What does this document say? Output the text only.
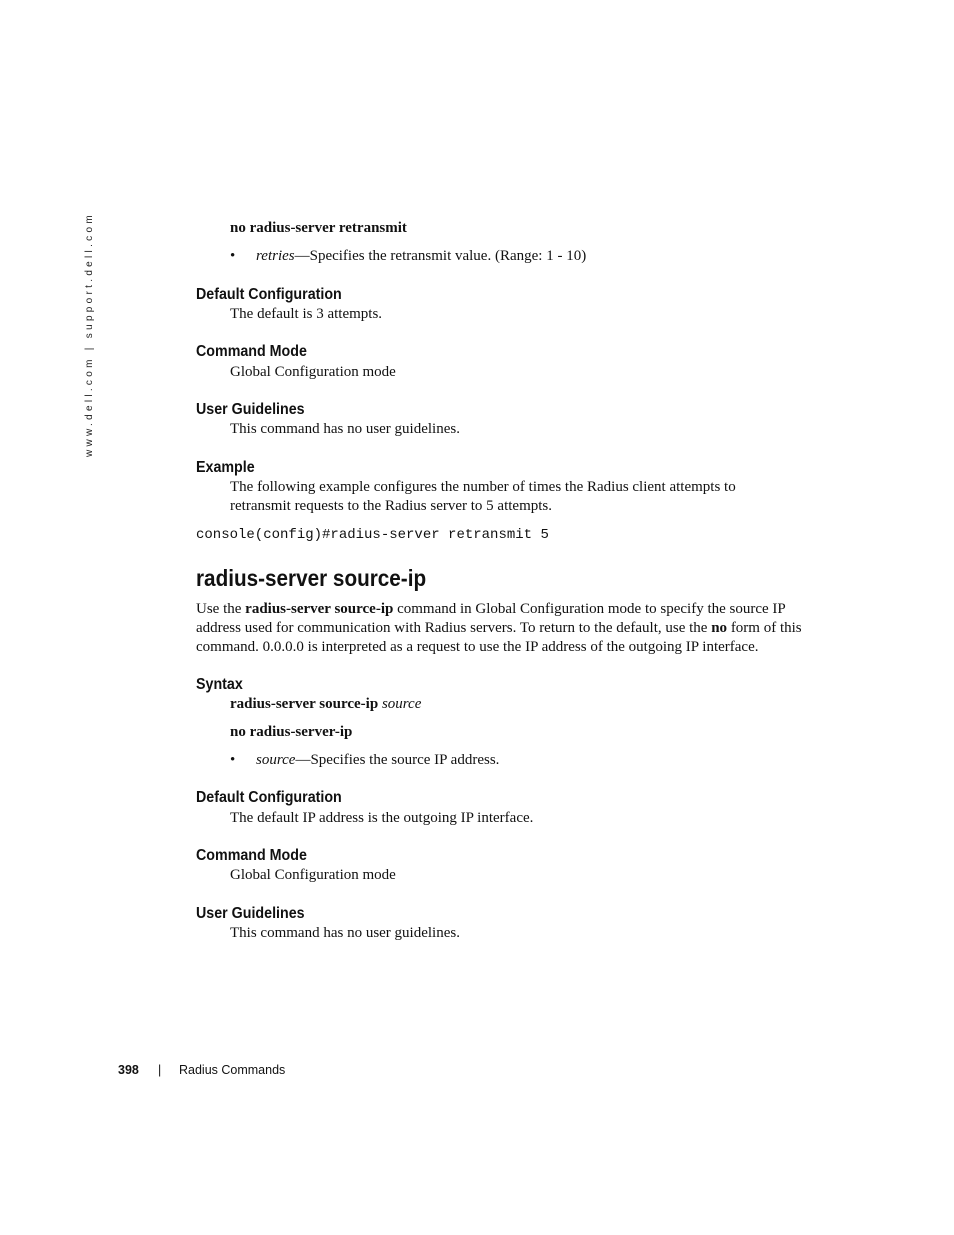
www.dell.com | support.dell.com	no radius-server retransmit
• retries—Specifies the retransmit value. (Range: 1 - 10)
Default Configuration
The default is 3 attempts.
Command Mode
Global Configuration mode
User Guidelines
This command has no user guidelines.
Example
The following example configures the number of times the Radius client attempts to retransmit requests to the Radius server to 5 attempts.
console(config)#radius-server retransmit 5
radius-server source-ip
Use the radius-server source-ip command in Global Configuration mode to specify the source IP address used for communication with Radius servers. To return to the default, use the no form of this command. 0.0.0.0 is interpreted as a request to use the IP address of the outgoing IP interface.
Syntax
radius-server source-ip source
no radius-server-ip
• source—Specifies the source IP address.
Default Configuration
The default IP address is the outgoing IP interface.
Command Mode
Global Configuration mode
User Guidelines
This command has no user guidelines.
398 | Radius Commands
